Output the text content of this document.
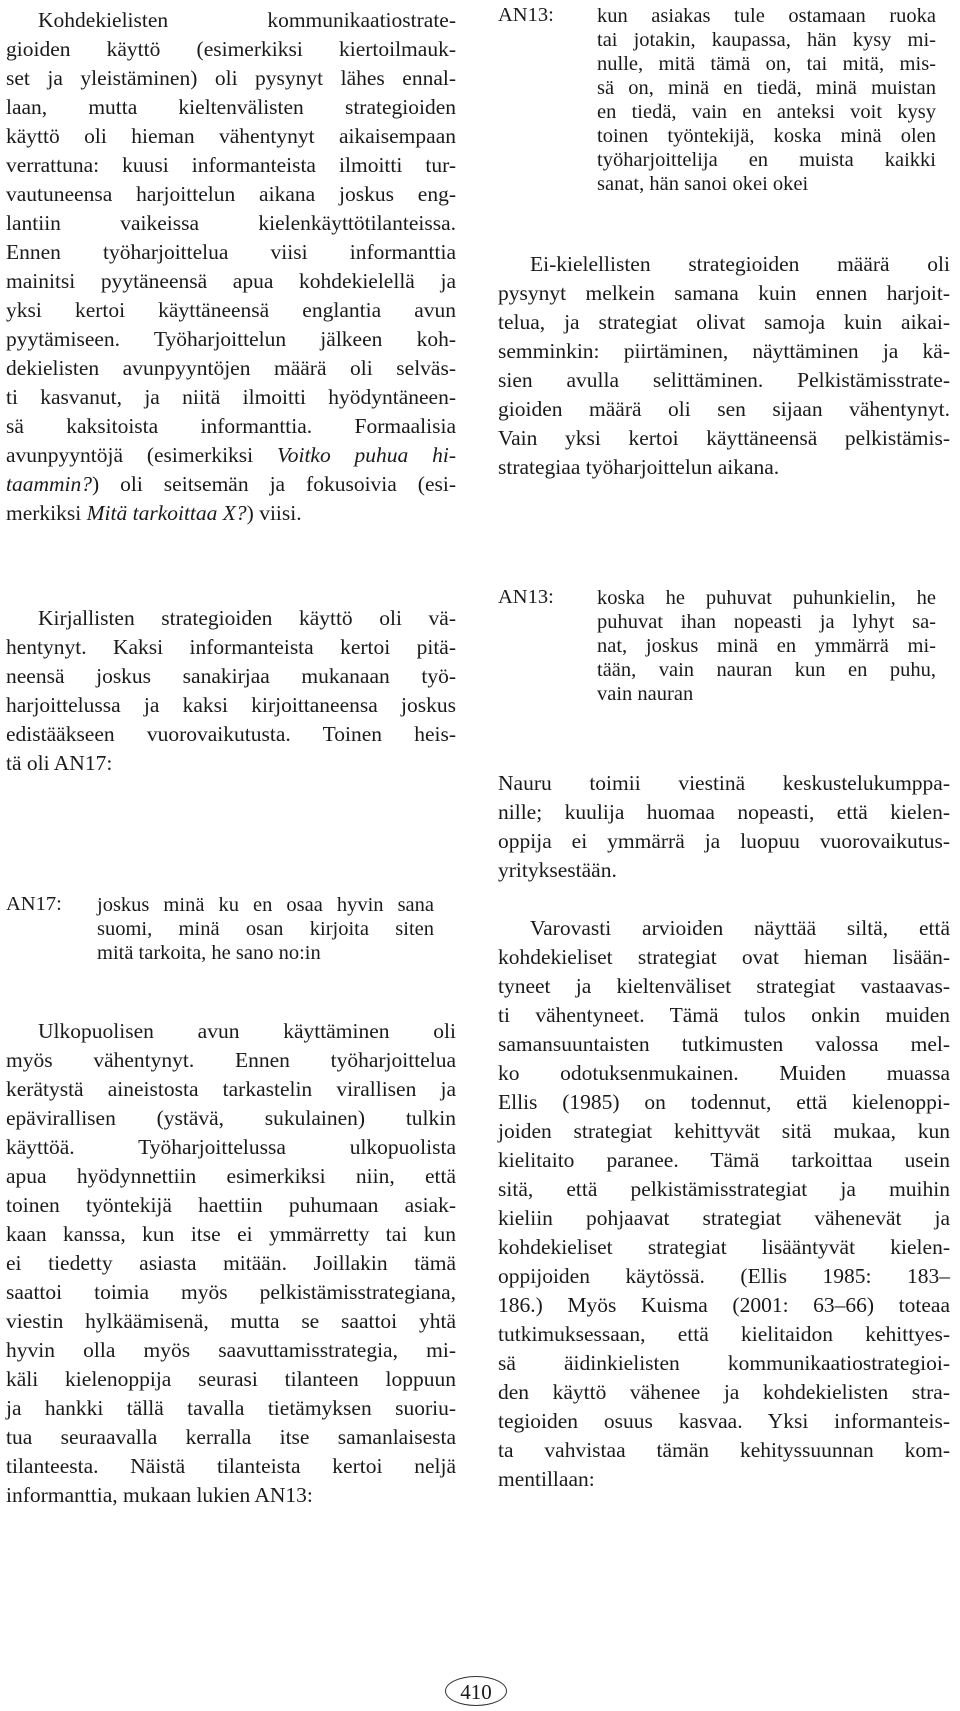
Kohdekielisten kommunikaatiostrate-
gioiden käyttö (esimerkiksi kiertoilmauk-
set ja yleistäminen) oli pysynyt lähes ennal-
laan, mutta kieltenvälisten strategioiden
käyttö oli hieman vähentynyt aikaisempaan
verrattuna: kuusi informanteista ilmoitti tur-
vautuneensa harjoittelun aikana joskus eng-
lantiin vaikeissa kielenkäyttötilanteissa.
Ennen työharjoittelua viisi informanttia
mainitsi pyytäneensä apua kohdekielellä ja
yksi kertoi käyttäneensä englantia avun
pyytämiseen. Työharjoittelun jälkeen koh-
dekielisten avunpyyntöjen määrä oli selväs-
ti kasvanut, ja niitä ilmoitti hyödyntäneen-
sä kaksitoista informanttia. Formaalisia
avunpyyntöjä (esimerkiksi Voitko puhua hi-
taammin?) oli seitsemän ja fokusoivia (esi-
merkiksi Mitä tarkoittaa X?) viisi.
Kirjallisten strategioiden käyttö oli vä-
hentynyt. Kaksi informanteista kertoi pitä-
neensä joskus sanakirjaa mukanaan työ-
harjoittelussa ja kaksi kirjoittaneensa joskus
edistääkseen vuorovaikutusta. Toinen heis-
tä oli AN17:
AN17: joskus minä ku en osaa hyvin sana
suomi, minä osan kirjoita siten
mitä tarkoita, he sano no:in
Ulkopuolisen avun käyttäminen oli
myös vähentynyt. Ennen työharjoittelua
kerätystä aineistosta tarkastelin virallisen ja
epävirallisen (ystävä, sukulainen) tulkin
käyttöä. Työharjoittelussa ulkopuolista
apua hyödynnettiin esimerkiksi niin, että
toinen työntekijä haettiin puhumaan asiak-
kaan kanssa, kun itse ei ymmärretty tai kun
ei tiedetty asiasta mitään. Joillakin tämä
saattoi toimia myös pelkistämisstrategiana,
viestin hylkäämisenä, mutta se saattoi yhtä
hyvin olla myös saavuttamisstrategia, mi-
käli kielenoppija seurasi tilanteen loppuun
ja hankki tällä tavalla tietämyksen suoriu-
tua seuraavalla kerralla itse samanlaisesta
tilanteesta. Näistä tilanteista kertoi neljä
informanttia, mukaan lukien AN13:
AN13: kun asiakas tule ostamaan ruoka
tai jotakin, kaupassa, hän kysy mi-
nulle, mitä tämä on, tai mitä, mis-
sä on, minä en tiedä, minä muistan
en tiedä, vain en anteksi voit kysy
toinen työntekijä, koska minä olen
työharjoittelija en muista kaikki
sanat, hän sanoi okei okei
Ei-kielellisten strategioiden määrä oli
pysynyt melkein samana kuin ennen harjoit-
telua, ja strategiat olivat samoja kuin aikai-
semminkin: piirtäminen, näyttäminen ja kä-
sien avulla selittäminen. Pelkistämisstrate-
gioiden määrä oli sen sijaan vähentynyt.
Vain yksi kertoi käyttäneensä pelkistämis-
strategiaa työharjoittelun aikana.
AN13: koska he puhuvat puhunkielin, he
puhuvat ihan nopeasti ja lyhyt sa-
nat, joskus minä en ymmärrä mi-
tään, vain nauran kun en puhu,
vain nauran
Nauru toimii viestinä keskustelukumppa-
nille; kuulija huomaa nopeasti, että kielen-
oppija ei ymmärrä ja luopuu vuorovaikutus-
yrityksestään.
Varovasti arvioiden näyttää siltä, että
kohdekieliset strategiat ovat hieman lisään-
tyneet ja kieltenväliset strategiat vastaavas-
ti vähentyneet. Tämä tulos onkin muiden
samansuuntaisten tutkimusten valossa mel-
ko odotuksenmukainen. Muiden muassa
Ellis (1985) on todennut, että kielenoppi-
joiden strategiat kehittyvät sitä mukaa, kun
kielitaito paranee. Tämä tarkoittaa usein
sitä, että pelkistämisstrategiat ja muihin
kieliin pohjaavat strategiat vähenevät ja
kohdekieliset strategiat lisääntyvät kielen-
oppijoiden käytössä. (Ellis 1985: 183–
186.) Myös Kuisma (2001: 63–66) toteaa
tutkimuksessaan, että kielitaidon kehittyes-
sä äidinkielisten kommunikaatiostrategioi-
den käyttö vähenee ja kohdekielisten stra-
tegioiden osuus kasvaa. Yksi informanteis-
ta vahvistaa tämän kehityssuunnan kom-
mentillaan:
410
